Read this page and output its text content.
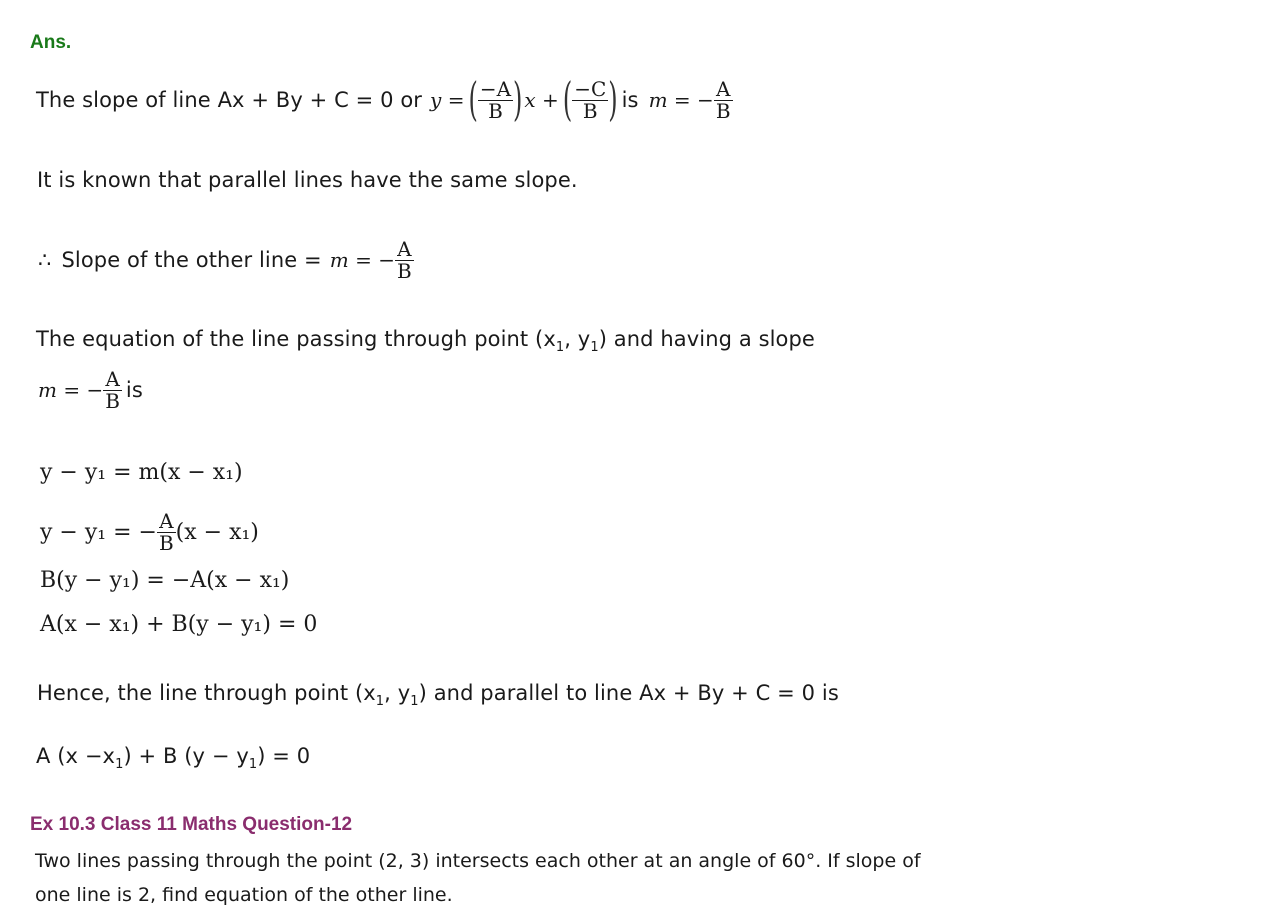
Ans.
The slope of line Ax + By + C = 0 or y = ( $\frac{-A}{B}$ ) x + ( $\frac{-C}{B}$ ) is m = − $\frac{A}{B}$
It is known that parallel lines have the same slope.
∴ Slope of the other line = m = − $\frac{A}{B}$
The equation of the line passing through point ($x_1$, $y_1$) and having a slope
m = − $\frac{A}{B}$ is
y − y₁ = m(x − x₁)
y − y₁ = − $\frac{A}{B} (x - x_1)$
B(y − y₁) = −A(x − x₁)
A(x − x₁) + B(y − y₁) = 0
Hence, the line through point ($x_1$, $y_1$) and parallel to line Ax + By + C = 0 is
A $(x -x_1) + B$ $(y - y_1) = 0$
Ex 10.3 Class 11 Maths Question-12
Two lines passing through the point (2, 3) intersects each other at an angle of 60°. If slope of
one line is 2, find equation of the other line.
